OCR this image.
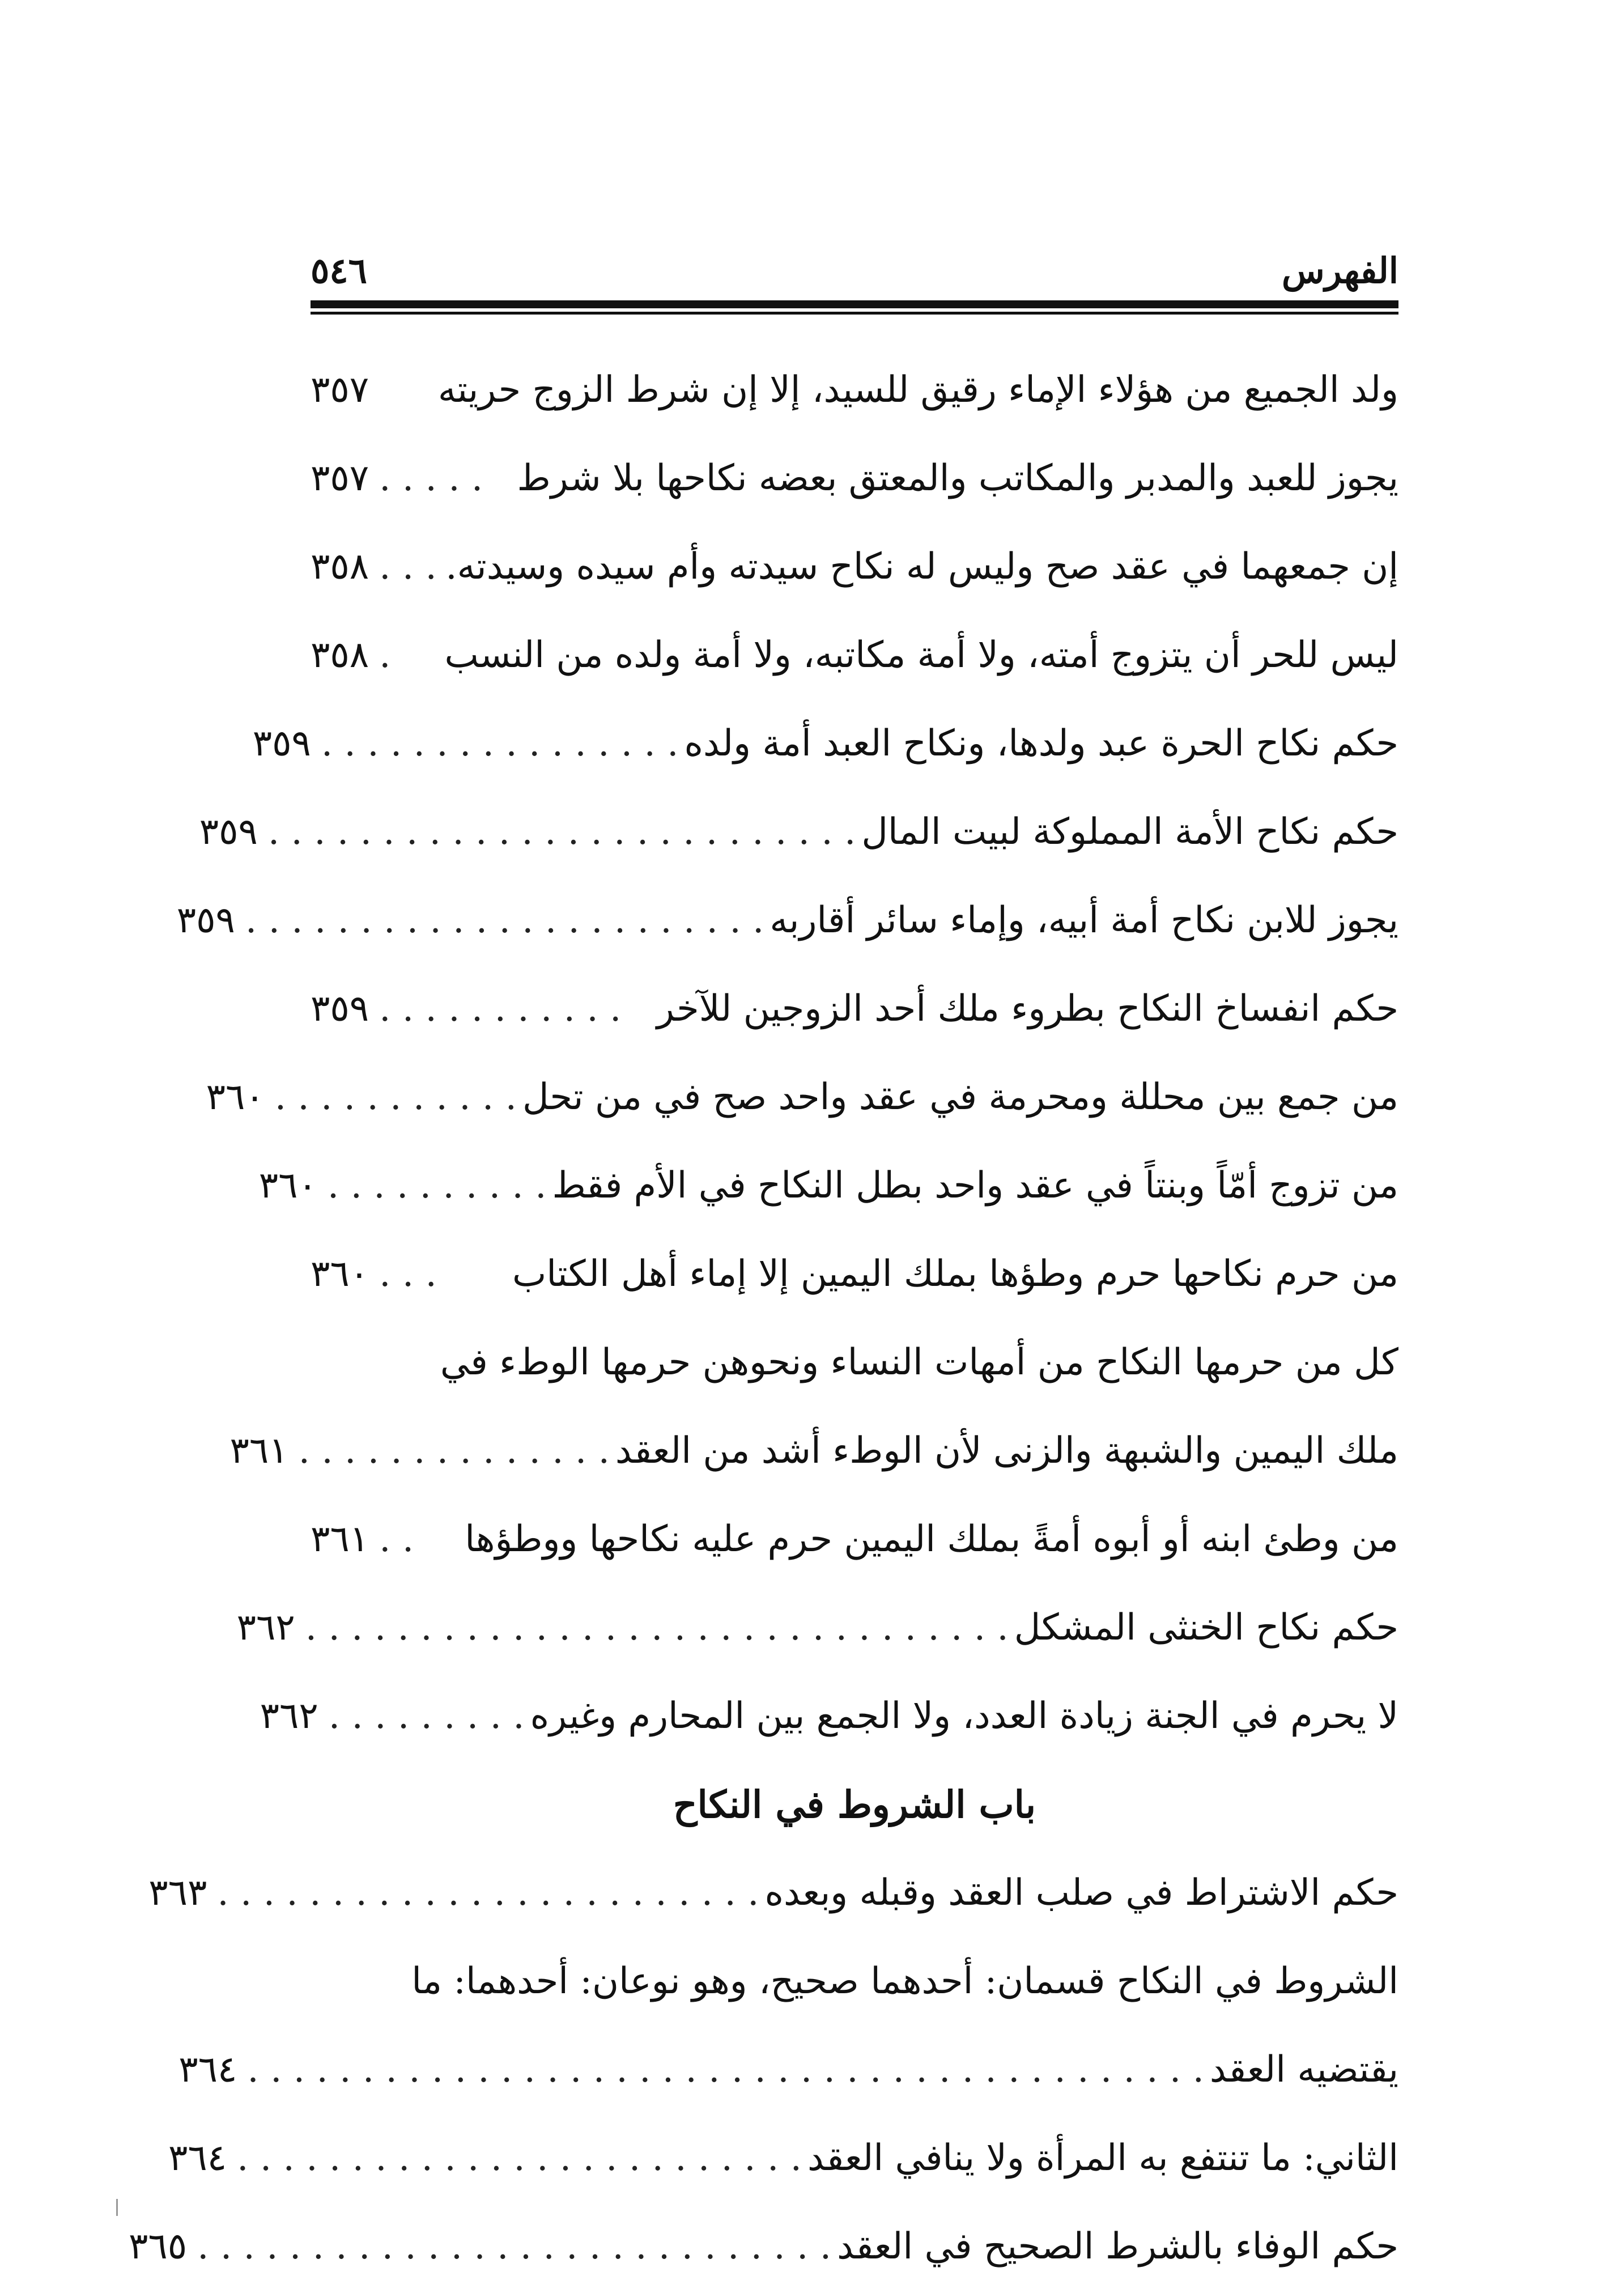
الفهرس
٥٤٦
ولد الجميع من هؤلاء الإماء رقيق للسيد، إلا إن شرط الزوج حريته
٣٥٧
يجوز للعبد والمدبر والمكاتب والمعتق بعضه نكاحها بلا شرط
. . . . .
٣٥٧
إن جمعهما في عقد صح وليس له نكاح سيدته وأم سيده وسيدته.
. . .
٣٥٨
ليس للحر أن يتزوج أمته، ولا أمة مكاتبه، ولا أمة ولده من النسب
.
٣٥٨
حكم نكاح الحرة عبد ولدها، ونكاح العبد أمة ولده
. . . . . . . . . . . . . . . .
٣٥٩
حكم نكاح الأمة المملوكة لبيت المال
. . . . . . . . . . . . . . . . . . . . . . . . . .
٣٥٩
يجوز للابن نكاح أمة أبيه، وإماء سائر أقاربه
. . . . . . . . . . . . . . . . . . . . . . .
٣٥٩
حكم انفساخ النكاح بطروء ملك أحد الزوجين للآخر
. . . . . . . . . . .
٣٥٩
من جمع بين محللة ومحرمة في عقد واحد صح في من تحل
. . . . . . . . . . .
٣٦٠
من تزوج أمّاً وبنتاً في عقد واحد بطل النكاح في الأم فقط
. . . . . . . . . .
٣٦٠
من حرم نكاحها حرم وطؤها بملك اليمين إلا إماء أهل الكتاب
. . .
٣٦٠
كل من حرمها النكاح من أمهات النساء ونحوهن حرمها الوطء في
ملك اليمين والشبهة والزنى لأن الوطء أشد من العقد
. . . . . . . . . . . . . .
٣٦١
من وطئ ابنه أو أبوه أمةً بملك اليمين حرم عليه نكاحها ووطؤها
. .
٣٦١
حكم نكاح الخنثى المشكل
. . . . . . . . . . . . . . . . . . . . . . . . . . . . . . .
٣٦٢
لا يحرم في الجنة زيادة العدد، ولا الجمع بين المحارم وغيره
. . . . . . . . .
٣٦٢
باب الشروط في النكاح
حكم الاشتراط في صلب العقد وقبله وبعده
. . . . . . . . . . . . . . . . . . . . . . . .
٣٦٣
الشروط في النكاح قسمان: أحدهما صحيح، وهو نوعان: أحدهما: ما
يقتضيه العقد
. . . . . . . . . . . . . . . . . . . . . . . . . . . . . . . . . . . . . . . . . .
٣٦٤
الثاني: ما تنتفع به المرأة ولا ينافي العقد
. . . . . . . . . . . . . . . . . . . . . . . . .
٣٦٤
حكم الوفاء بالشرط الصحيح في العقد
. . . . . . . . . . . . . . . . . . . . . . . . . . . .
٣٦٥
